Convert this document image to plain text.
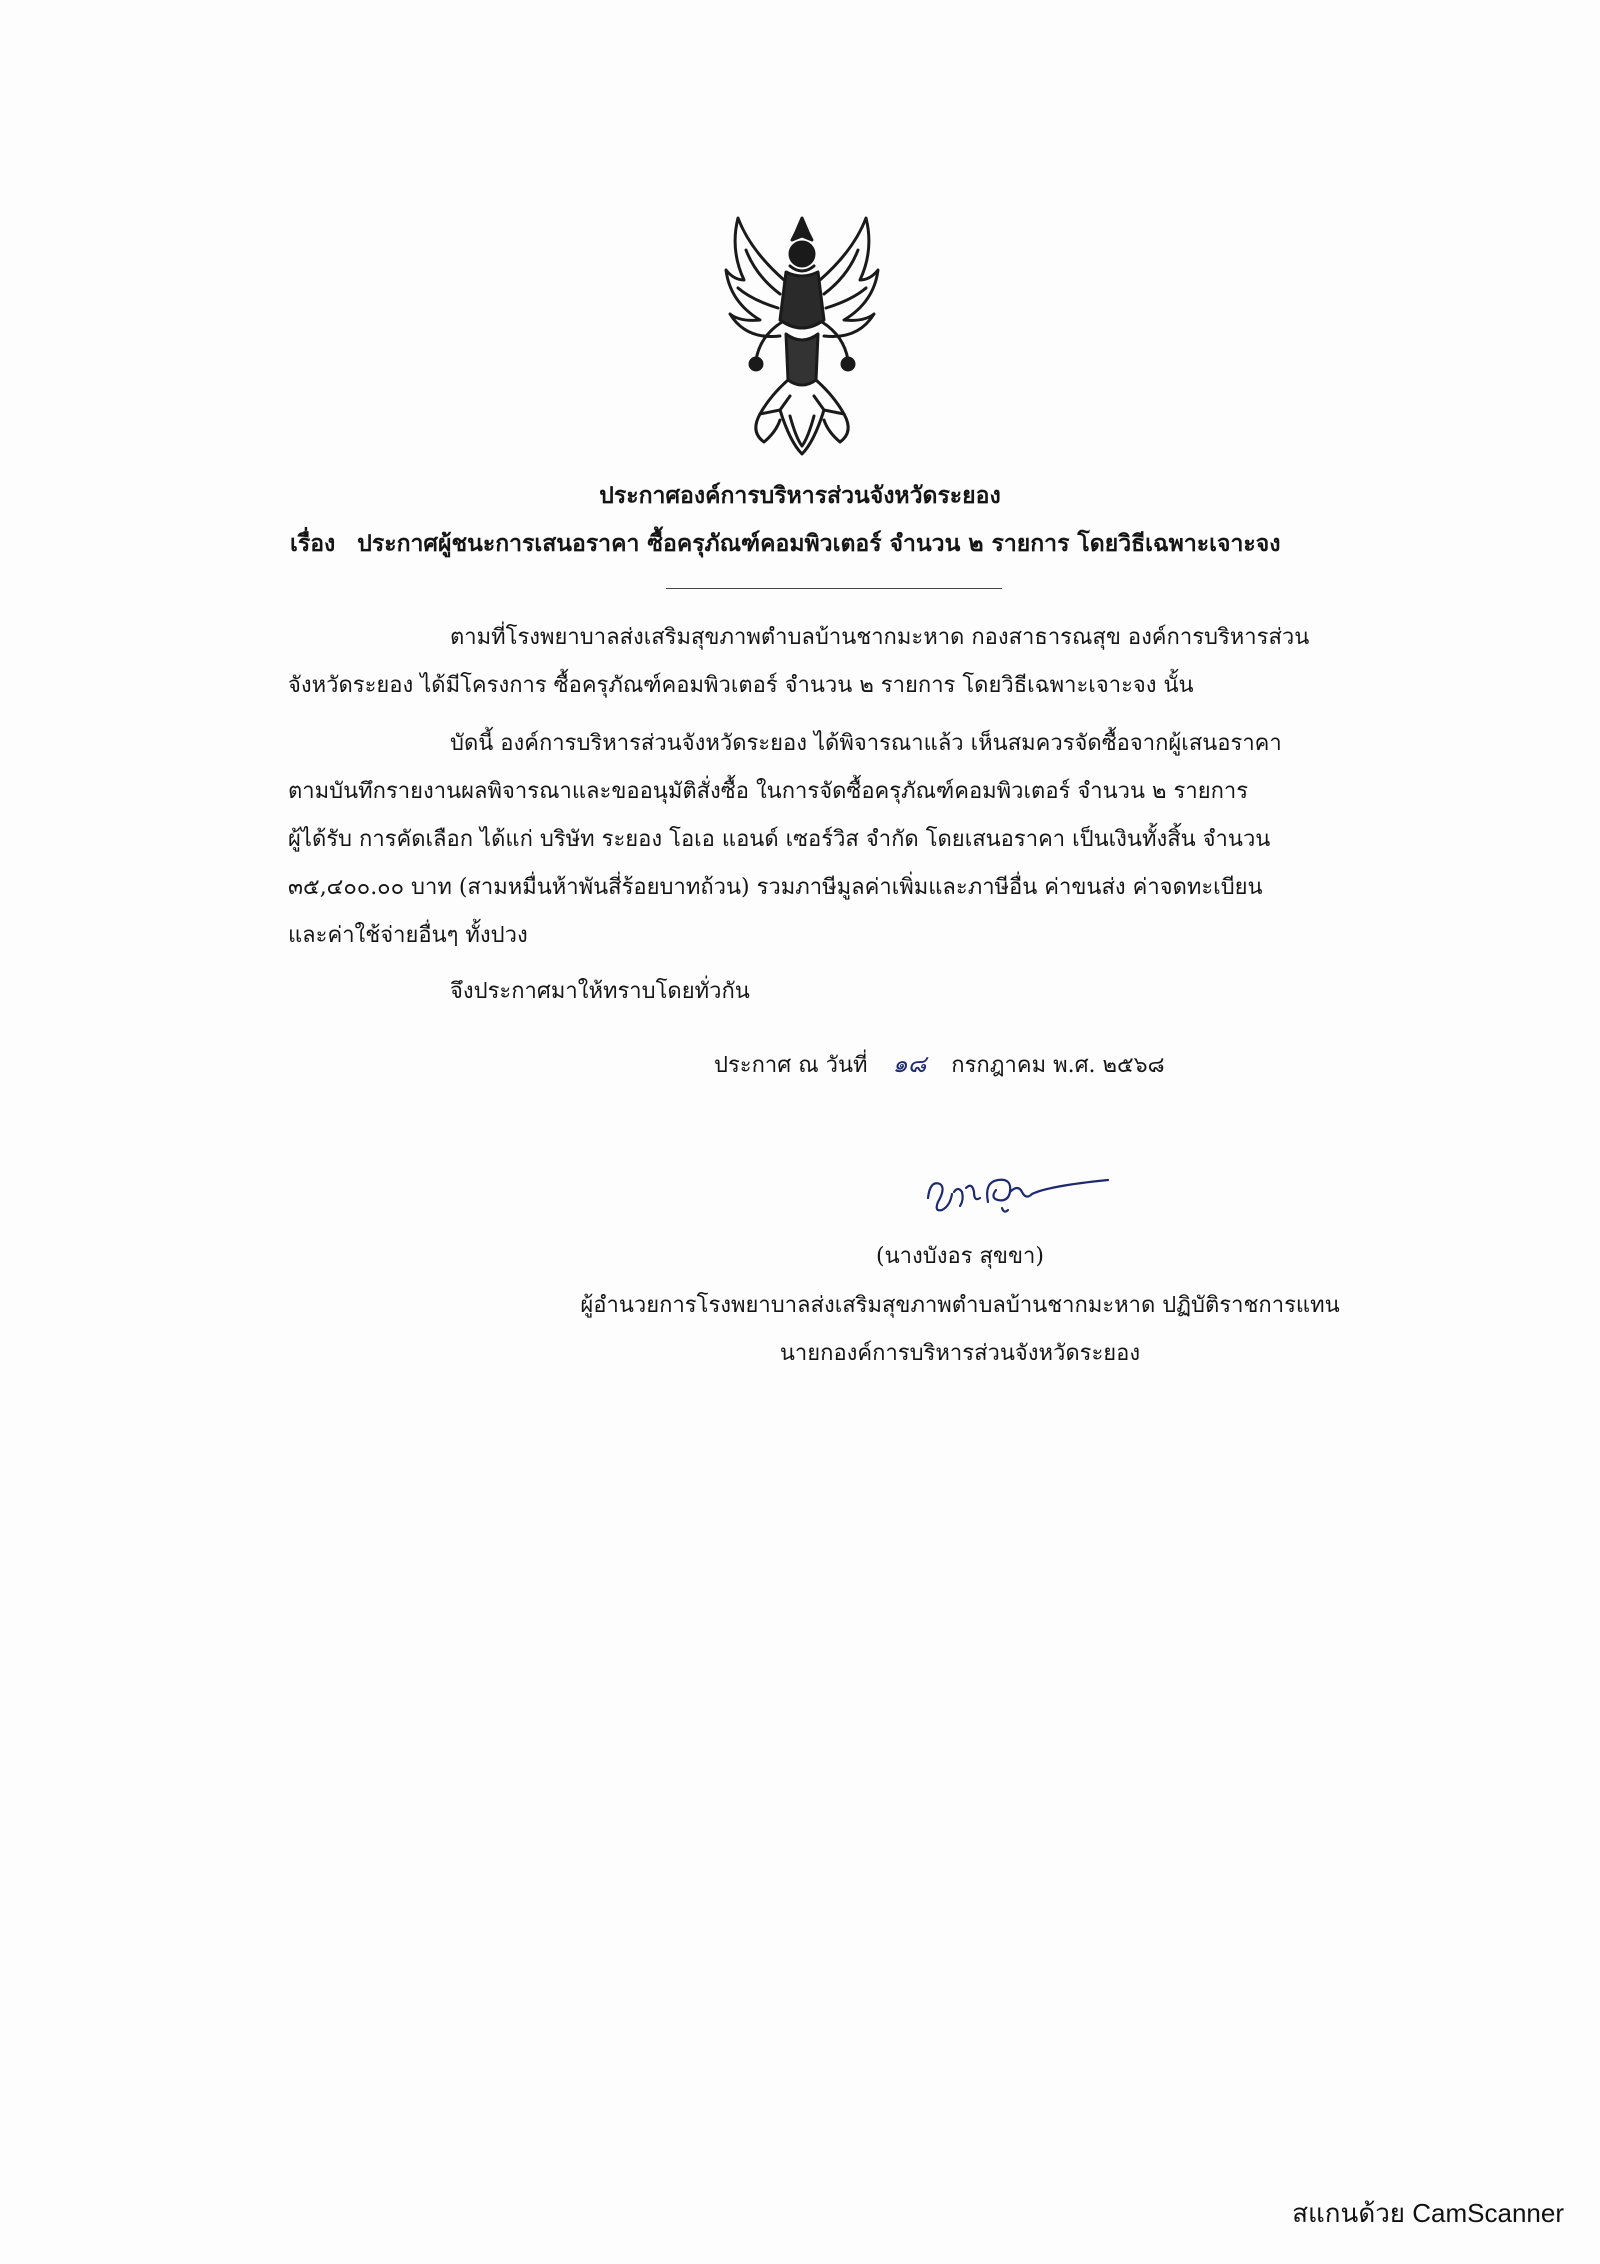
ประกาศองค์การบริหารส่วนจังหวัดระยอง
เรื่อง ประกาศผู้ชนะการเสนอราคา ซื้อครุภัณฑ์คอมพิวเตอร์ จำนวน ๒ รายการ โดยวิธีเฉพาะเจาะจง
ตามที่โรงพยาบาลส่งเสริมสุขภาพตำบลบ้านชากมะหาด กองสาธารณสุข องค์การบริหารส่วน
จังหวัดระยอง ได้มีโครงการ ซื้อครุภัณฑ์คอมพิวเตอร์ จำนวน ๒ รายการ โดยวิธีเฉพาะเจาะจง นั้น
บัดนี้ องค์การบริหารส่วนจังหวัดระยอง ได้พิจารณาแล้ว เห็นสมควรจัดซื้อจากผู้เสนอราคา
ตามบันทึกรายงานผลพิจารณาและขออนุมัติสั่งซื้อ ในการจัดซื้อครุภัณฑ์คอมพิวเตอร์ จำนวน ๒ รายการ
ผู้ได้รับ การคัดเลือก ได้แก่ บริษัท ระยอง โอเอ แอนด์ เซอร์วิส จำกัด โดยเสนอราคา เป็นเงินทั้งสิ้น จำนวน
๓๕,๔๐๐.๐๐ บาท (สามหมื่นห้าพันสี่ร้อยบาทถ้วน) รวมภาษีมูลค่าเพิ่มและภาษีอื่น ค่าขนส่ง ค่าจดทะเบียน
และค่าใช้จ่ายอื่นๆ ทั้งปวง
จึงประกาศมาให้ทราบโดยทั่วกัน
ประกาศ ณ วันที่ ๑๘ กรกฎาคม พ.ศ. ๒๕๖๘
(นางบังอร สุขขา)
ผู้อำนวยการโรงพยาบาลส่งเสริมสุขภาพตำบลบ้านชากมะหาด ปฏิบัติราชการแทน
นายกองค์การบริหารส่วนจังหวัดระยอง
สแกนด้วย CamScanner
